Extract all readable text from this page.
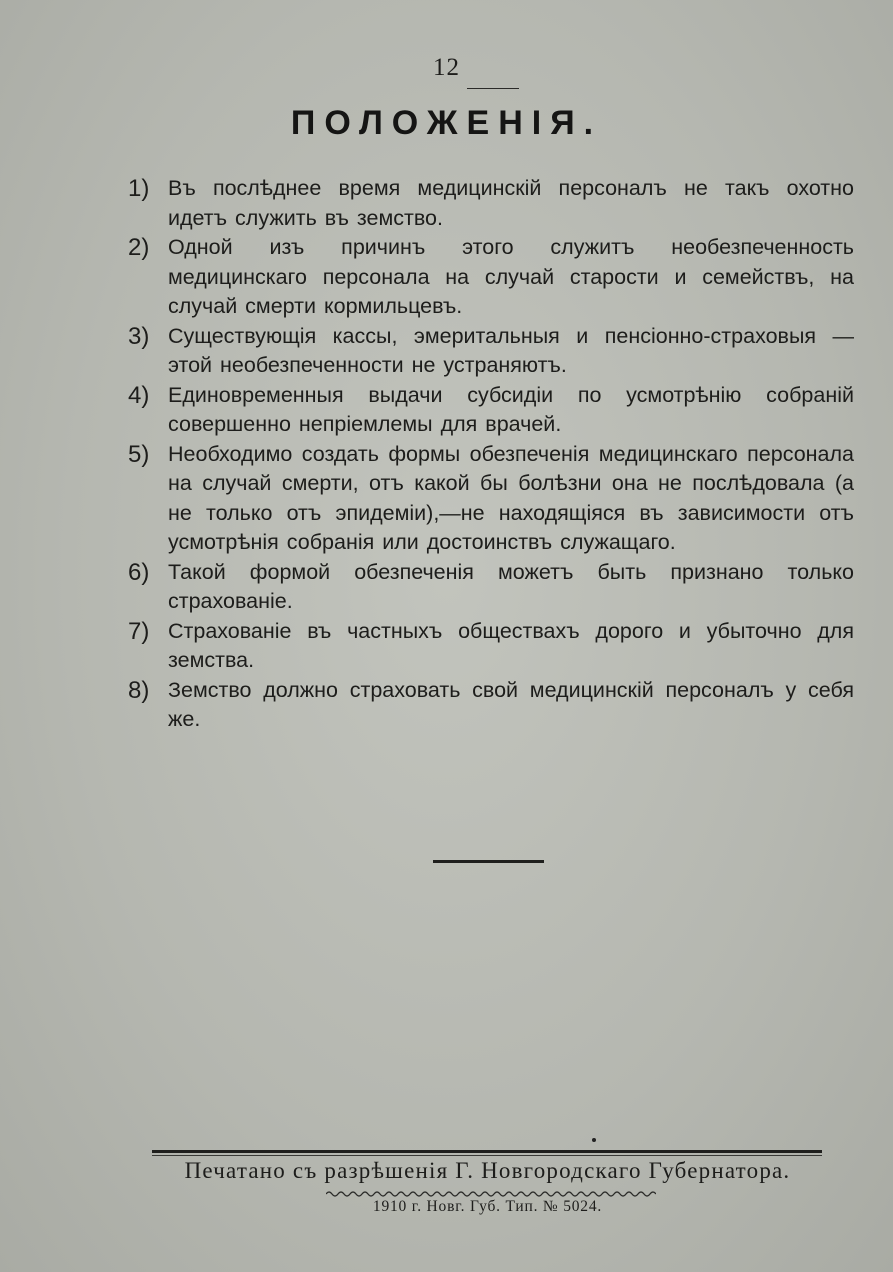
12
ПОЛОЖЕНІЯ.
1) Въ послѣднее время медицинскій персоналъ не такъ охотно идетъ служить въ земство.
2) Одной изъ причинъ этого служитъ необезпеченность медицинскаго персонала на случай старости и семействъ, на случай смерти кормильцевъ.
3) Существующія кассы, эмеритальныя и пенсіонно-страховыя — этой необезпеченности не устраняютъ.
4) Единовременныя выдачи субсидіи по усмотрѣнію собраній совершенно непріемлемы для врачей.
5) Необходимо создать формы обезпеченія медицинскаго персонала на случай смерти, отъ какой бы болѣзни она не послѣдовала (а не только отъ эпидеміи),—не находящіяся въ зависимости отъ усмотрѣнія собранія или достоинствъ служащаго.
6) Такой формой обезпеченія можетъ быть признано только страхованіе.
7) Страхованіе въ частныхъ обществахъ дорого и убыточно для земства.
8) Земство должно страховать свой медицинскій персоналъ у себя же.
Печатано съ разрѣшенія Г. Новгородскаго Губернатора.
1910 г. Новг. Губ. Тип. № 5024.
